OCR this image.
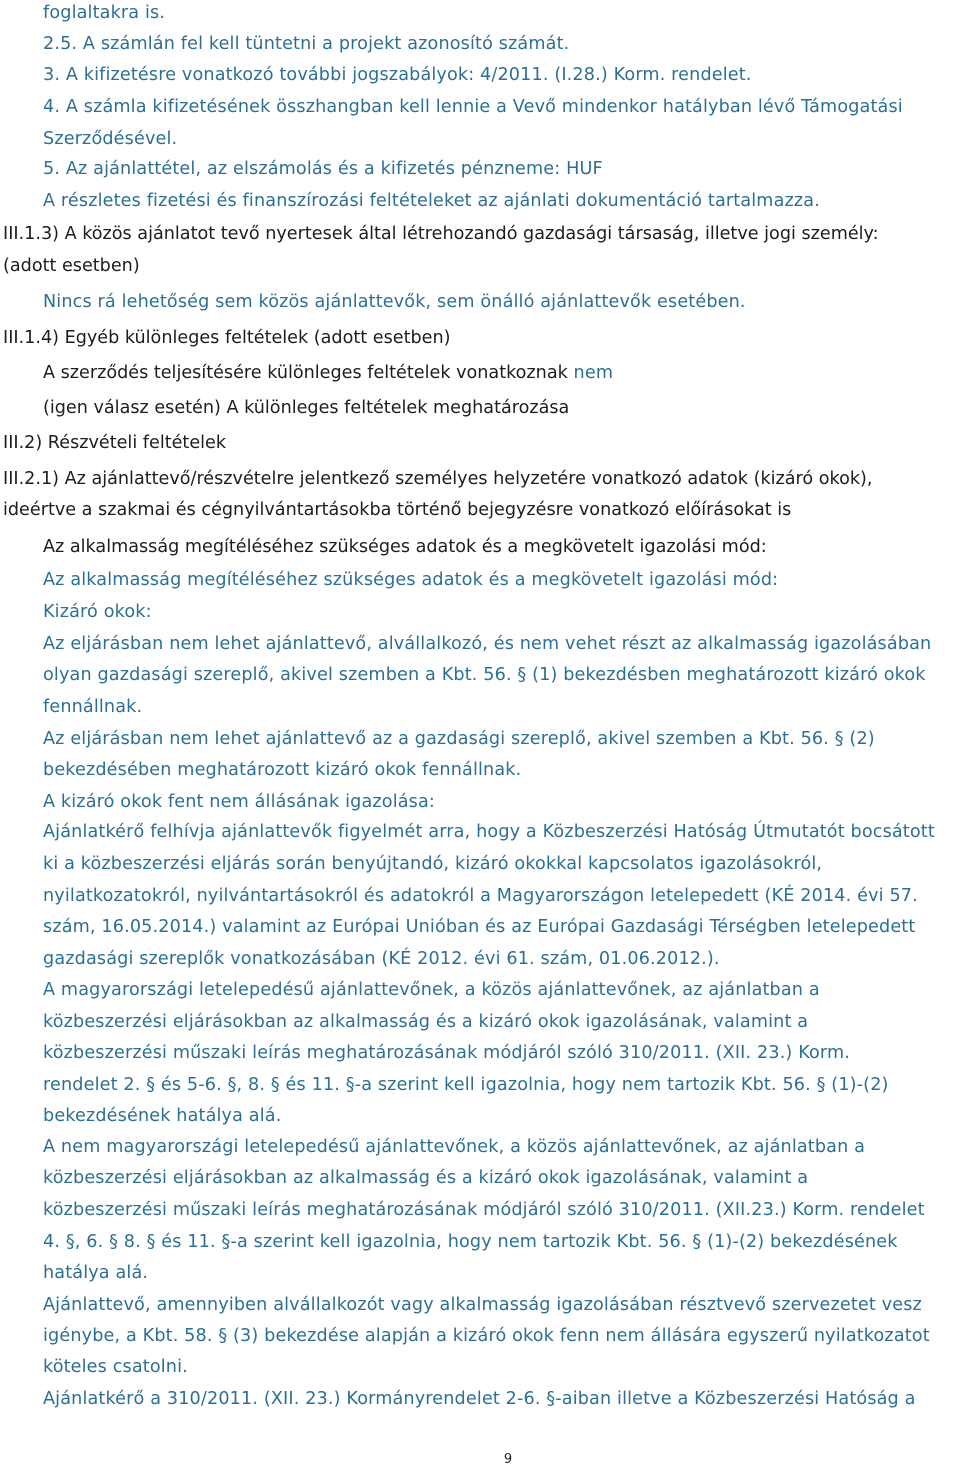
foglaltakra is.

2.5. A számlán fel kell tüntetni a projekt azonosító számát.

3. A kifizetésre vonatkozó további jogszabályok: 4/2011. (I.28.) Korm. rendelet.

4. A számla kifizetésének összhangban kell lennie a Vevő mindenkor hatályban lévő Támogatási

Szerződésével.

5. Az ajánlattétel, az elszámolás és a kifizetés pénzneme: HUF

A részletes fizetési és finanszírozási feltételeket az ajánlati dokumentáció tartalmazza.

III.1.3) A közös ajánlatot tevő nyertesek által létrehozandó gazdasági társaság, illetve jogi személy:

(adott esetben)

Nincs rá lehetőség sem közös ajánlattevők, sem önálló ajánlattevők esetében.

III.1.4) Egyéb különleges feltételek (adott esetben)

A szerződés teljesítésére különleges feltételek vonatkoznak nem

(igen válasz esetén) A különleges feltételek meghatározása

III.2) Részvételi feltételek

III.2.1) Az ajánlattevő/részvételre jelentkező személyes helyzetére vonatkozó adatok (kizáró okok),

ideértve a szakmai és cégnyilvántartásokba történő bejegyzésre vonatkozó előírásokat is

Az alkalmasság megítéléséhez szükséges adatok és a megkövetelt igazolási mód:

Az alkalmasság megítéléséhez szükséges adatok és a megkövetelt igazolási mód:

Kizáró okok:

Az eljárásban nem lehet ajánlattevő, alvállalkozó, és nem vehet részt az alkalmasság igazolásában

olyan gazdasági szereplő, akivel szemben a Kbt. 56. § (1) bekezdésben meghatározott kizáró okok

fennállnak.

Az eljárásban nem lehet ajánlattevő az a gazdasági szereplő, akivel szemben a Kbt. 56. § (2)

bekezdésében meghatározott kizáró okok fennállnak.

A kizáró okok fent nem állásának igazolása:

Ajánlatkérő felhívja ajánlattevők figyelmét arra, hogy a Közbeszerzési Hatóság Útmutatót bocsátott

ki a közbeszerzési eljárás során benyújtandó, kizáró okokkal kapcsolatos igazolásokról,

nyilatkozatokról, nyilvántartásokról és adatokról a Magyarországon letelepedett (KÉ 2014. évi 57.

szám, 16.05.2014.) valamint az Európai Unióban és az Európai Gazdasági Térségben letelepedett

gazdasági szereplők vonatkozásában (KÉ 2012. évi 61. szám, 01.06.2012.).

A magyarországi letelepedésű ajánlattevőnek, a közös ajánlattevőnek, az ajánlatban a

közbeszerzési eljárásokban az alkalmasság és a kizáró okok igazolásának, valamint a

közbeszerzési műszaki leírás meghatározásának módjáról szóló 310/2011. (XII. 23.) Korm.

rendelet 2. § és 5-6. §, 8. § és 11. §-a szerint kell igazolnia, hogy nem tartozik Kbt. 56. § (1)-(2)

bekezdésének hatálya alá.

A nem magyarországi letelepedésű ajánlattevőnek, a közös ajánlattevőnek, az ajánlatban a

közbeszerzési eljárásokban az alkalmasság és a kizáró okok igazolásának, valamint a

közbeszerzési műszaki leírás meghatározásának módjáról szóló 310/2011. (XII.23.) Korm. rendelet

4. §, 6. § 8. § és 11. §-a szerint kell igazolnia, hogy nem tartozik Kbt. 56. § (1)-(2) bekezdésének

hatálya alá.

Ajánlattevő, amennyiben alvállalkozót vagy alkalmasság igazolásában résztvevő szervezetet vesz

igénybe, a Kbt. 58. § (3) bekezdése alapján a kizáró okok fenn nem állására egyszerű nyilatkozatot

köteles csatolni.

Ajánlatkérő a 310/2011. (XII. 23.) Kormányrendelet 2-6. §-aiban illetve a Közbeszerzési Hatóság a

9
